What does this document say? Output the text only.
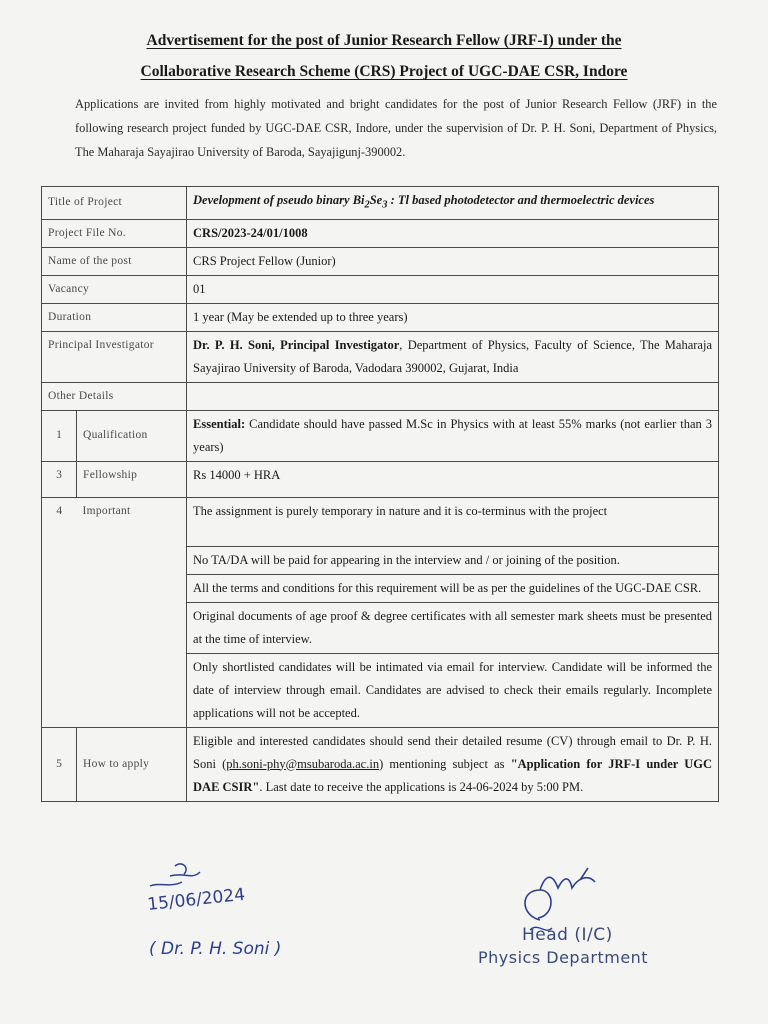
Advertisement for the post of Junior Research Fellow (JRF-I) under the
Collaborative Research Scheme (CRS) Project of UGC-DAE CSR, Indore
Applications are invited from highly motivated and bright candidates for the post of Junior Research Fellow (JRF) in the following research project funded by UGC-DAE CSR, Indore, under the supervision of Dr. P. H. Soni, Department of Physics, The Maharaja Sayajirao University of Baroda, Sayajigunj-390002.
Title of Project		Development of pseudo binary $Bi_2Se_3$ : Tl based photodetector and thermoelectric devices
Project File No.		CRS/2023-24/01/1008
Name of the post		CRS Project Fellow (Junior)
Vacancy		01
Duration		1 year (May be extended up to three years)
Principal Investigator		Dr. P. H. Soni, Principal Investigator, Department of Physics, Faculty of Science, The Maharaja Sayajirao University of Baroda, Vadodara 390002, Gujarat, India
Other Details		
1	Qualification	Essential: Candidate should have passed M.Sc in Physics with at least 55% marks (not earlier than 3 years)
3	Fellowship	Rs 14000 + HRA
4	Important	The assignment is purely temporary in nature and it is co-terminus with the project
		No TA/DA will be paid for appearing in the interview and / or joining of the position.
		All the terms and conditions for this requirement will be as per the guidelines of the UGC-DAE CSR.
		Original documents of age proof & degree certificates with all semester mark sheets must be presented at the time of interview.
		Only shortlisted candidates will be intimated via email for interview. Candidate will be informed the date of interview through email. Candidates are advised to check their emails regularly. Incomplete applications will not be accepted.
5	How to apply	Eligible and interested candidates should send their detailed resume (CV) through email to Dr. P. H. Soni (ph.soni-phy@msubaroda.ac.in) mentioning subject as "Application for JRF-I under UGC DAE CSIR". Last date to receive the applications is 24-06-2024 by 5:00 PM.
15/06/2024
( Dr. P. H. Soni )
Head (I/C)
Physics Department
